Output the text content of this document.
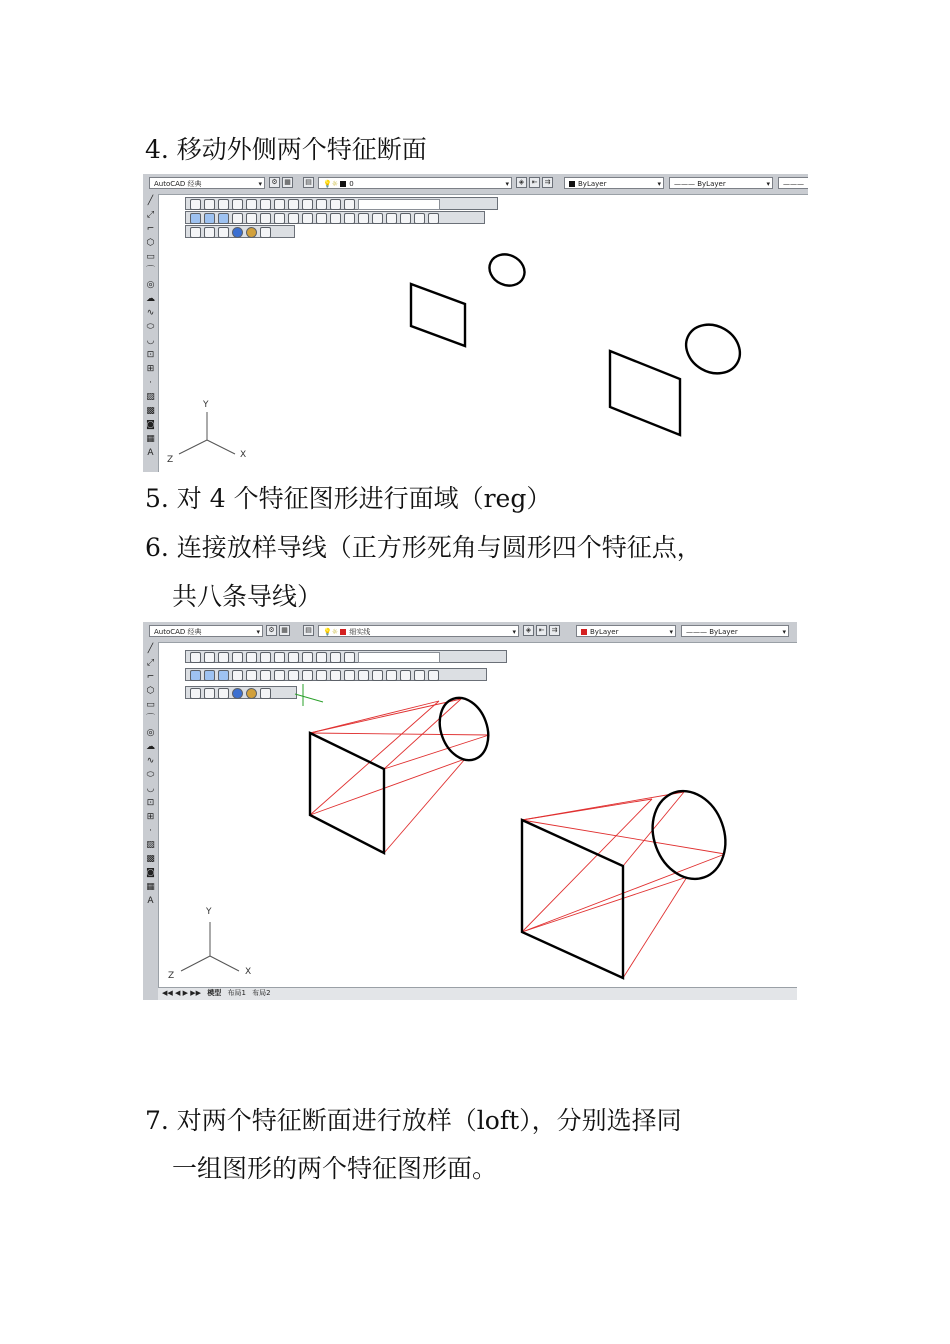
4. 移动外侧两个特征断面

AutoCAD 经典	▾	⚙ ▦	▤	💡☼ 0	▾	◈	⇤	⇉	ByLayer	▾	——— ByLayer	▾	———
╱
⤢
⌐
⬡
▭
⌒
◎
☁
∿
⬭
◡
⊡
⊞
·
▨
▩
◙
▦
A
Y
X
Z

5. 对 4 个特征图形进行面域（reg）

6. 连接放样导线（正方形死角与圆形四个特征点，

共八条导线）

AutoCAD 经典	▾	⚙ ▦	▤	💡☼ 细实线	▾	◈	⇤	⇉	ByLayer	▾	——— ByLayer	▾
╱
⤢
⌐
⬡
▭
⌒
◎
☁
∿
⬭
◡
⊡
⊞
·
▨
▩
◙
▦
A
Y
X
Z
◀◀ ◀ ▶ ▶▶ 模型 布局1 布局2

7. 对两个特征断面进行放样（loft），分别选择同

一组图形的两个特征图形面。
